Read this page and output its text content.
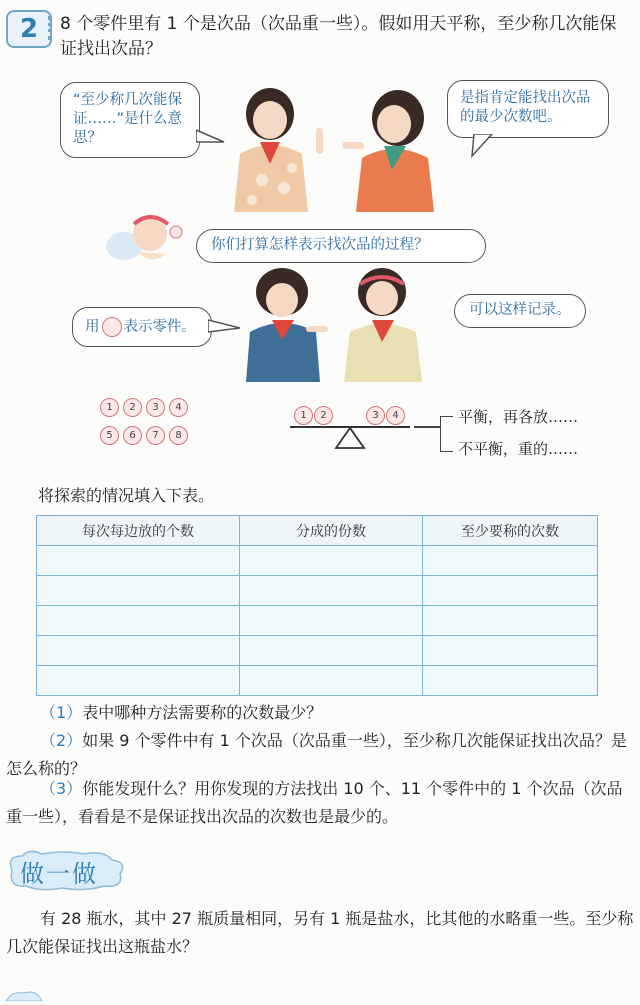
2	8 个零件里有 1 个是次品（次品重一些）。假如用天平称，至少称几次能保证找出次品？
“至少称几次能保证……”是什么意思？
是指肯定能找出次品的最少次数吧。
你们打算怎样表示找次品的过程？
用 表示零件。
可以这样记录。
1	2	3	4
5	6	7	8
1	2	3	4	平衡，再各放……
不平衡，重的……
将探索的情况填入下表。
每次每边放的个数	分成的份数	至少要称的次数

（1）表中哪种方法需要称的次数最少？
（2）如果 9 个零件中有 1 个次品（次品重一些），至少称几次能保证找出次品？是怎么称的？
（3）你能发现什么？用你发现的方法找出 10 个、11 个零件中的 1 个次品（次品重一些），看看是不是保证找出次品的次数也是最少的。
做一做
有 28 瓶水，其中 27 瓶质量相同，另有 1 瓶是盐水，比其他的水略重一些。至少称几次能保证找出这瓶盐水？
